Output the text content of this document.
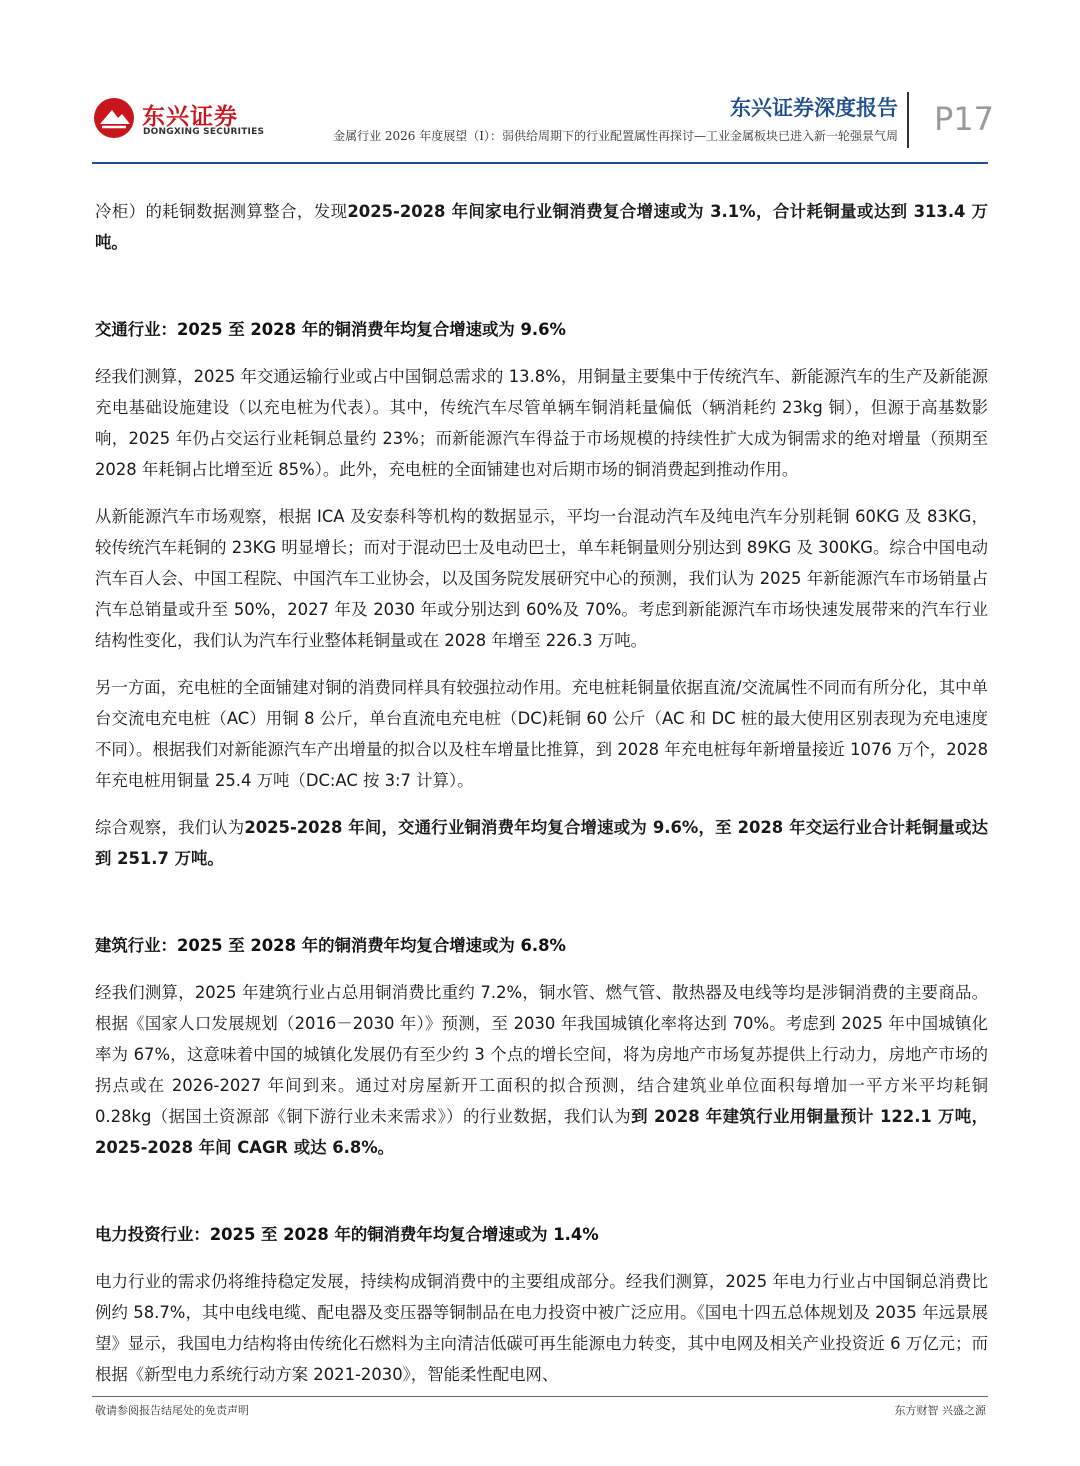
东兴证券
DONGXING SECURITIES
东兴证券深度报告
金属行业 2026 年度展望（Ⅰ）：弱供给周期下的行业配置属性再探讨—工业金属板块已进入新一轮强景气周 P17

冷柜）的耗铜数据测算整合，发现2025-2028 年间家电行业铜消费复合增速或为 3.1%，合计耗铜量或达到 313.4 万吨。

交通行业：2025 至 2028 年的铜消费年均复合增速或为 9.6%

经我们测算，2025 年交通运输行业或占中国铜总需求的 13.8%，用铜量主要集中于传统汽车、新能源汽车的生产及新能源充电基础设施建设（以充电桩为代表）。其中，传统汽车尽管单辆车铜消耗量偏低（辆消耗约 23kg 铜），但源于高基数影响，2025 年仍占交运行业耗铜总量约 23%；而新能源汽车得益于市场规模的持续性扩大成为铜需求的绝对增量（预期至 2028 年耗铜占比增至近 85%）。此外，充电桩的全面铺建也对后期市场的铜消费起到推动作用。

从新能源汽车市场观察，根据 ICA 及安泰科等机构的数据显示，平均一台混动汽车及纯电汽车分别耗铜 60KG 及 83KG，较传统汽车耗铜的 23KG 明显增长；而对于混动巴士及电动巴士，单车耗铜量则分别达到 89KG 及 300KG。综合中国电动汽车百人会、中国工程院、中国汽车工业协会，以及国务院发展研究中心的预测，我们认为 2025 年新能源汽车市场销量占汽车总销量或升至 50%，2027 年及 2030 年或分别达到 60%及 70%。考虑到新能源汽车市场快速发展带来的汽车行业结构性变化，我们认为汽车行业整体耗铜量或在 2028 年增至 226.3 万吨。

另一方面，充电桩的全面铺建对铜的消费同样具有较强拉动作用。充电桩耗铜量依据直流/交流属性不同而有所分化，其中单台交流电充电桩（AC）用铜 8 公斤，单台直流电充电桩（DC)耗铜 60 公斤（AC 和 DC 桩的最大使用区别表现为充电速度不同）。根据我们对新能源汽车产出增量的拟合以及柱车增量比推算，到 2028 年充电桩每年新增量接近 1076 万个，2028 年充电桩用铜量 25.4 万吨（DC:AC 按 3:7 计算）。

综合观察，我们认为2025-2028 年间，交通行业铜消费年均复合增速或为 9.6%，至 2028 年交运行业合计耗铜量或达到 251.7 万吨。

建筑行业：2025 至 2028 年的铜消费年均复合增速或为 6.8%

经我们测算，2025 年建筑行业占总用铜消费比重约 7.2%，铜水管、燃气管、散热器及电线等均是涉铜消费的主要商品。根据《国家人口发展规划（2016－2030 年）》预测，至 2030 年我国城镇化率将达到 70%。考虑到 2025 年中国城镇化率为 67%，这意味着中国的城镇化发展仍有至少约 3 个点的增长空间，将为房地产市场复苏提供上行动力，房地产市场的拐点或在 2026-2027 年间到来。通过对房屋新开工面积的拟合预测，结合建筑业单位面积每增加一平方米平均耗铜 0.28kg（据国土资源部《铜下游行业未来需求》）的行业数据，我们认为到 2028 年建筑行业用铜量预计 122.1 万吨，2025-2028 年间 CAGR 或达 6.8%。

电力投资行业：2025 至 2028 年的铜消费年均复合增速或为 1.4%

电力行业的需求仍将维持稳定发展，持续构成铜消费中的主要组成部分。经我们测算，2025 年电力行业占中国铜总消费比例约 58.7%，其中电线电缆、配电器及变压器等铜制品在电力投资中被广泛应用。《国电十四五总体规划及 2035 年远景展望》显示，我国电力结构将由传统化石燃料为主向清洁低碳可再生能源电力转变，其中电网及相关产业投资近 6 万亿元；而根据《新型电力系统行动方案 2021-2030》，智能柔性配电网、

敬请参阅报告结尾处的免责声明	东方财智 兴盛之源
